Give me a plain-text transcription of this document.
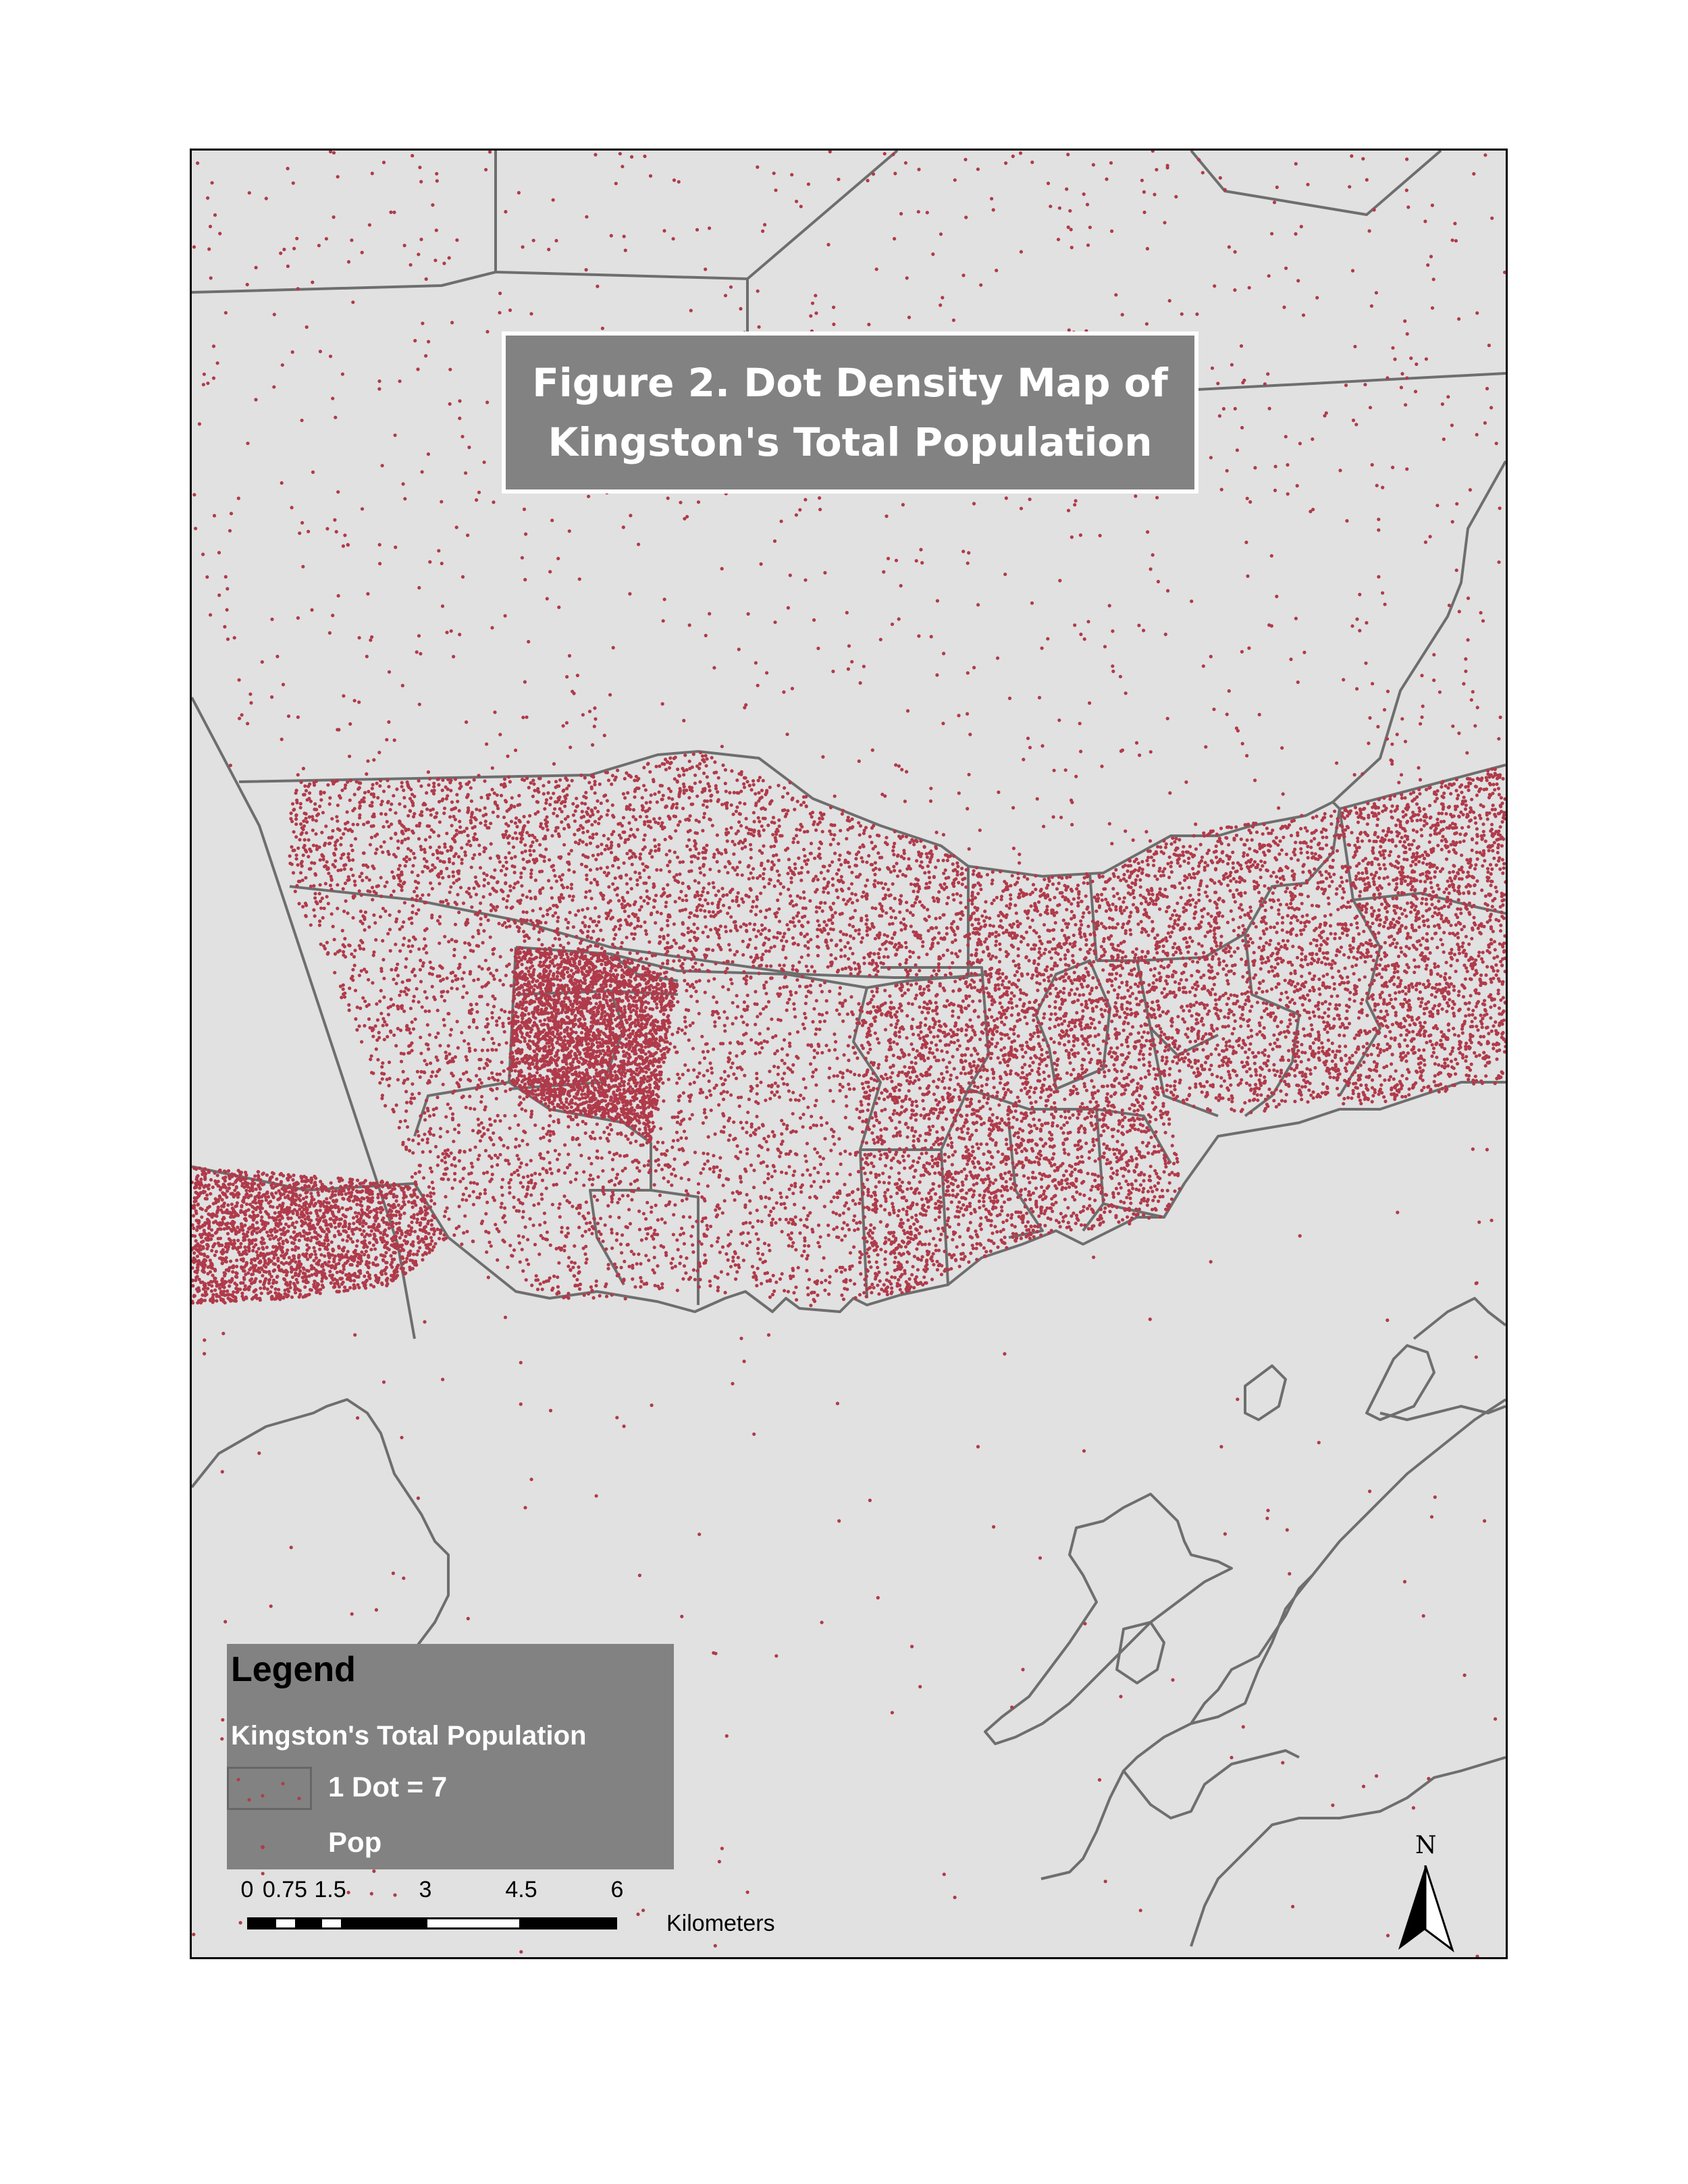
Figure 2. Dot Density Map of
Kingston's Total Population
Legend
Kingston's Total Population
1 Dot = 7
Pop
0 0.75 1.5	3	4.5	6
Kilometers
N
